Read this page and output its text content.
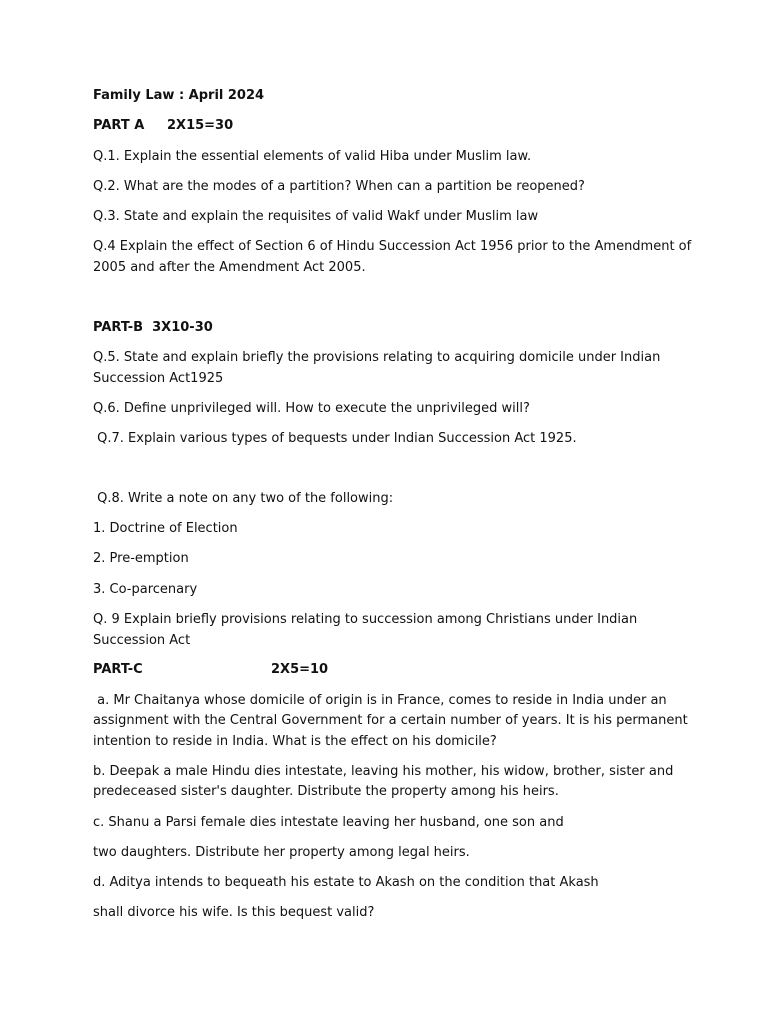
Family Law : April 2024
PART A 2X15=30
Q.1. Explain the essential elements of valid Hiba under Muslim law.
Q.2. What are the modes of a partition? When can a partition be reopened?
Q.3. State and explain the requisites of valid Wakf under Muslim law
Q.4 Explain the effect of Section 6 of Hindu Succession Act 1956 prior to the Amendment of
2005 and after the Amendment Act 2005.
PART-B  3X10-30
Q.5. State and explain briefly the provisions relating to acquiring domicile under Indian
Succession Act1925
Q.6. Define unprivileged will. How to execute the unprivileged will?
Q.7. Explain various types of bequests under Indian Succession Act 1925.
Q.8. Write a note on any two of the following:
1. Doctrine of Election
2. Pre-emption
3. Co-parcenary
Q. 9 Explain briefly provisions relating to succession among Christians under Indian
Succession Act
PART-C	2X5=10
a. Mr Chaitanya whose domicile of origin is in France, comes to reside in India under an
assignment with the Central Government for a certain number of years. It is his permanent
intention to reside in India. What is the effect on his domicile?
b. Deepak a male Hindu dies intestate, leaving his mother, his widow, brother, sister and
predeceased sister's daughter. Distribute the property among his heirs.
c. Shanu a Parsi female dies intestate leaving her husband, one son and
two daughters. Distribute her property among legal heirs.
d. Aditya intends to bequeath his estate to Akash on the condition that Akash
shall divorce his wife. Is this bequest valid?
